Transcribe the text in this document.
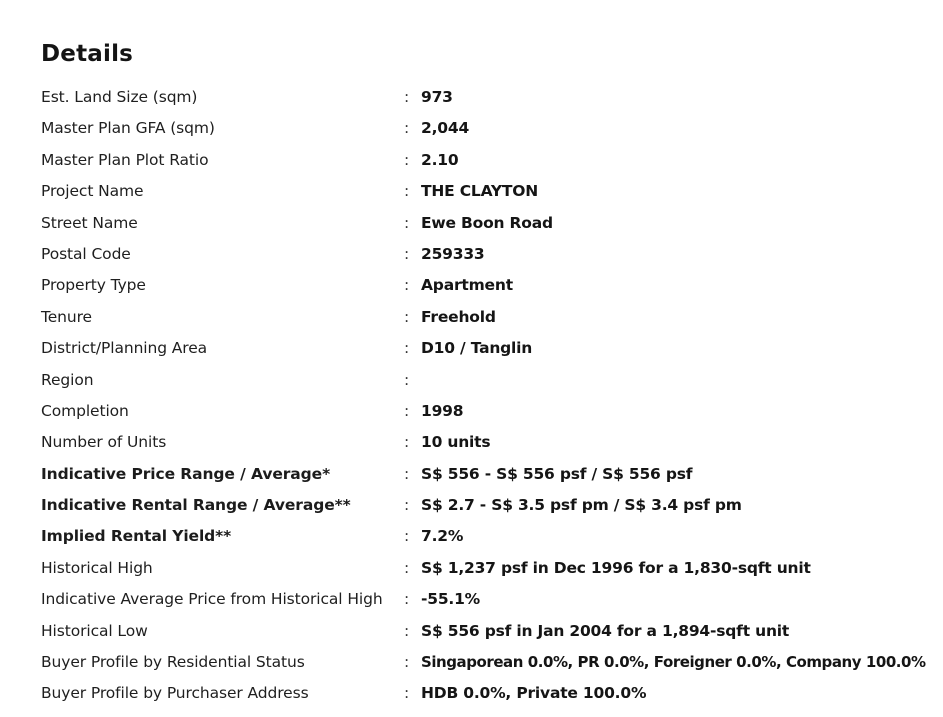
Details
Est. Land Size (sqm)	: 973
Master Plan GFA (sqm)	: 2,044
Master Plan Plot Ratio	: 2.10
Project Name	: THE CLAYTON
Street Name	: Ewe Boon Road
Postal Code	: 259333
Property Type	: Apartment
Tenure	: Freehold
District/Planning Area	: D10 / Tanglin
Region	:
Completion	: 1998
Number of Units	: 10 units
Indicative Price Range / Average*	: S$ 556 - S$ 556 psf / S$ 556 psf
Indicative Rental Range / Average**	: S$ 2.7 - S$ 3.5 psf pm / S$ 3.4 psf pm
Implied Rental Yield**	: 7.2%
Historical High	: S$ 1,237 psf in Dec 1996 for a 1,830-sqft unit
Indicative Average Price from Historical High : -55.1%
Historical Low	: S$ 556 psf in Jan 2004 for a 1,894-sqft unit
Buyer Profile by Residential Status	: Singaporean 0.0%, PR 0.0%, Foreigner 0.0%, Company 100.0%
Buyer Profile by Purchaser Address	: HDB 0.0%, Private 100.0%
